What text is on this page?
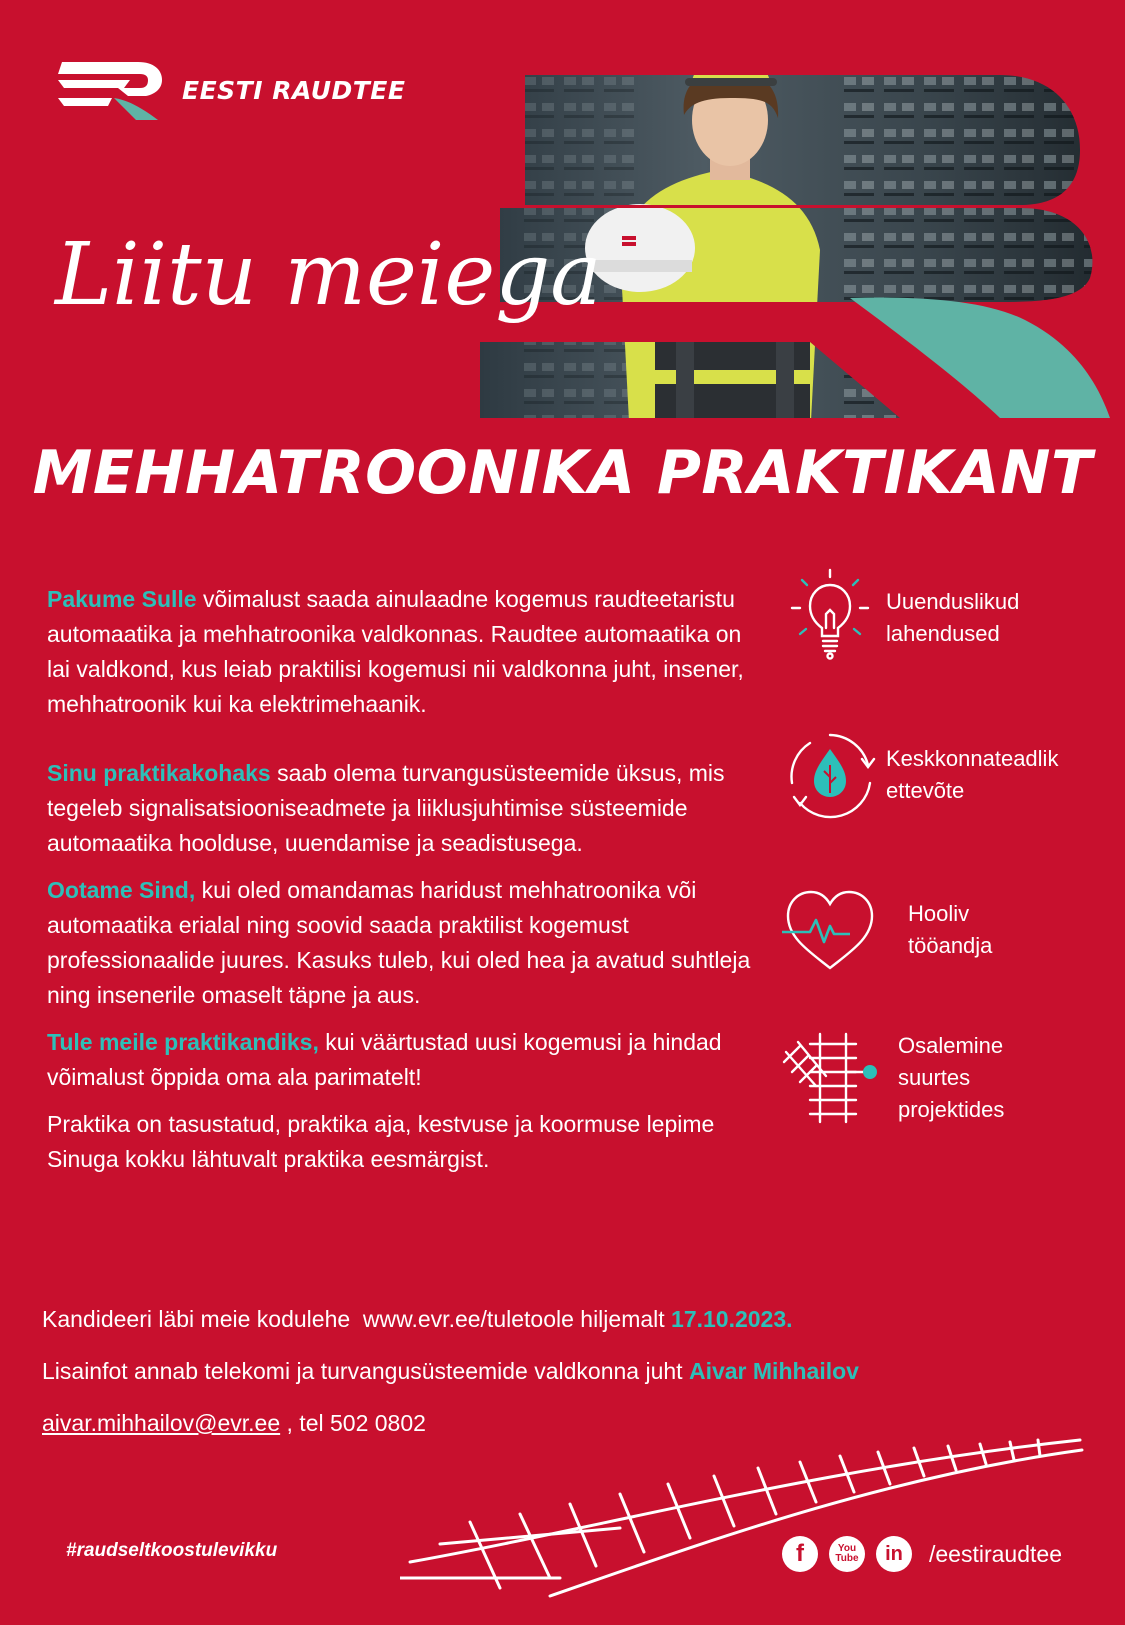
EESTI RAUDTEE
Liitu meiega
MEHHATROONIKA PRAKTIKANT

Pakume Sulle võimalust saada ainulaadne kogemus raudteetaristu automaatika ja mehhatroonika valdkonnas. Raudtee automaatika on lai valdkond, kus leiab praktilisi kogemusi nii valdkonna juht, insener, mehhatroonik kui ka elektrimehaanik.

Sinu praktikakohaks saab olema turvangusüsteemide üksus, mis tegeleb signalisatsiooniseadmete ja liiklusjuhtimise süsteemide automaatika hoolduse, uuendamise ja seadistusega.

Ootame Sind, kui oled omandamas haridust mehhatroonika või automaatika erialal ning soovid saada praktilist kogemust professionaalide juures. Kasuks tuleb, kui oled hea ja avatud suhtleja ning insenerile omaselt täpne ja aus.

Tule meile praktikandiks, kui väärtustad uusi kogemusi ja hindad võimalust õppida oma ala parimatelt!

Praktika on tasustatud, praktika aja, kestvuse ja koormuse lepime Sinuga kokku lähtuvalt praktika eesmärgist.

Uuenduslikud lahendused
Keskkonnateadlik ettevõte
Hooliv tööandja
Osalemine suurtes projektides
Kandideeri läbi meie kodulehe  www.evr.ee/tuletoole hiljemalt 17.10.2023.
Lisainfot annab telekomi ja turvangusüsteemide valdkonna juht Aivar Mihhailov
aivar.mihhailov@evr.ee , tel 502 0802
#raudseltkoostulevikku	f	You Tube in /eestiraudtee
